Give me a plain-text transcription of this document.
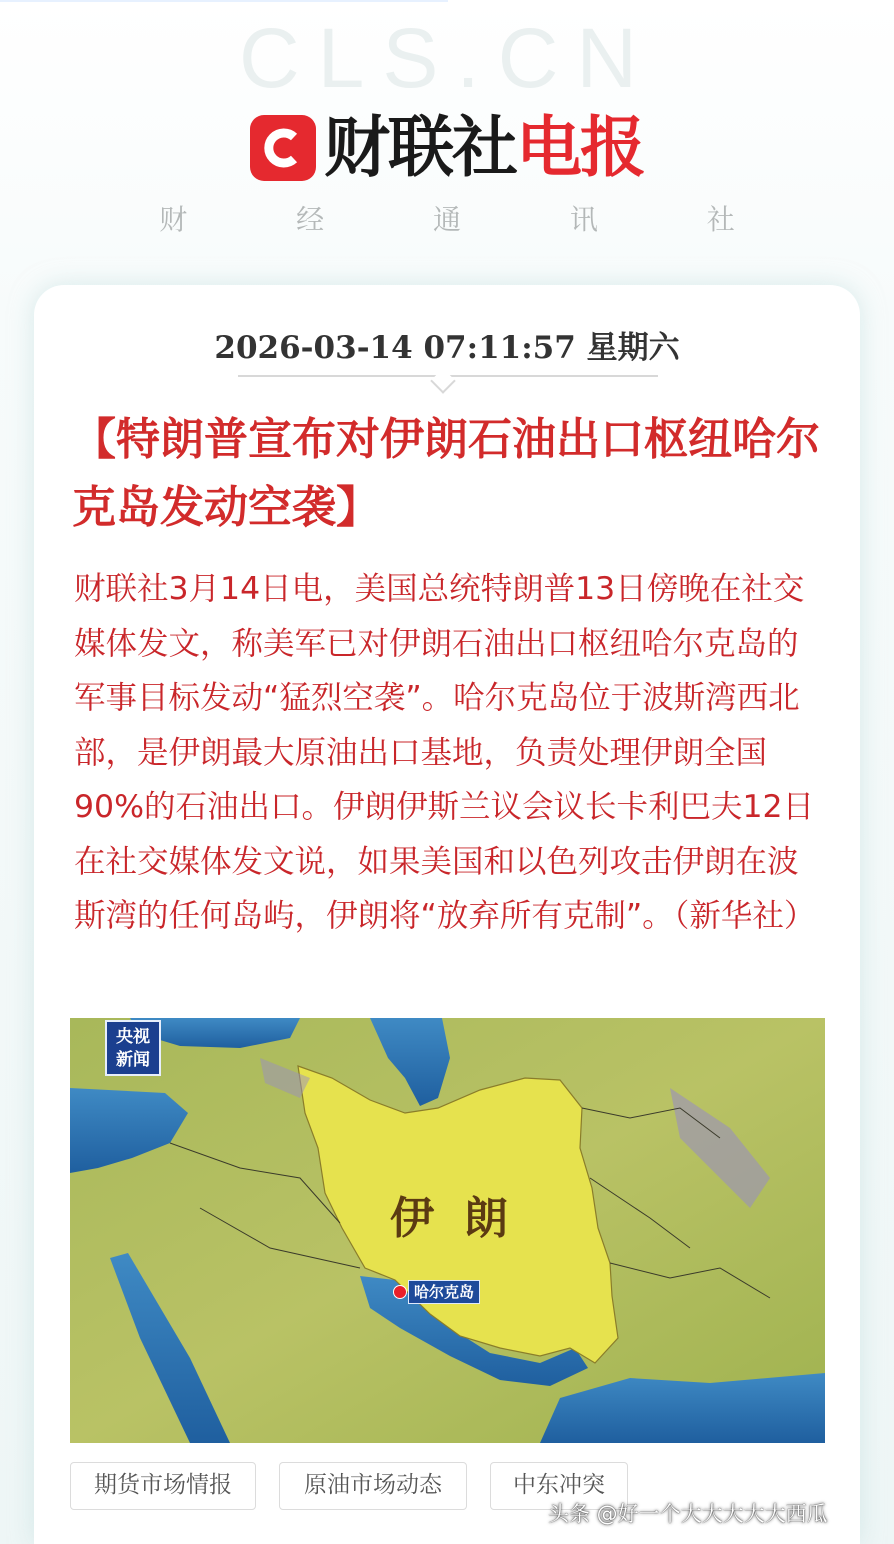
CLS.CN
财联社 电报
财 经 通 讯 社
2026-03-14 07:11:57 星期六
【特朗普宣布对伊朗石油出口枢纽哈尔克岛发动空袭】

财联社3月14日电，美国总统特朗普13日傍晚在社交媒体发文，称美军已对伊朗石油出口枢纽哈尔克岛的军事目标发动“猛烈空袭”。哈尔克岛位于波斯湾西北部，是伊朗最大原油出口基地，负责处理伊朗全国90%的石油出口。伊朗伊斯兰议会议长卡利巴夫12日在社交媒体发文说，如果美国和以色列攻击伊朗在波斯湾的任何岛屿，伊朗将“放弃所有克制”。（新华社）

央视
新闻
伊朗
哈尔克岛
期货市场情报	原油市场动态	中东冲突
头条 @好一个大大大大大西瓜
